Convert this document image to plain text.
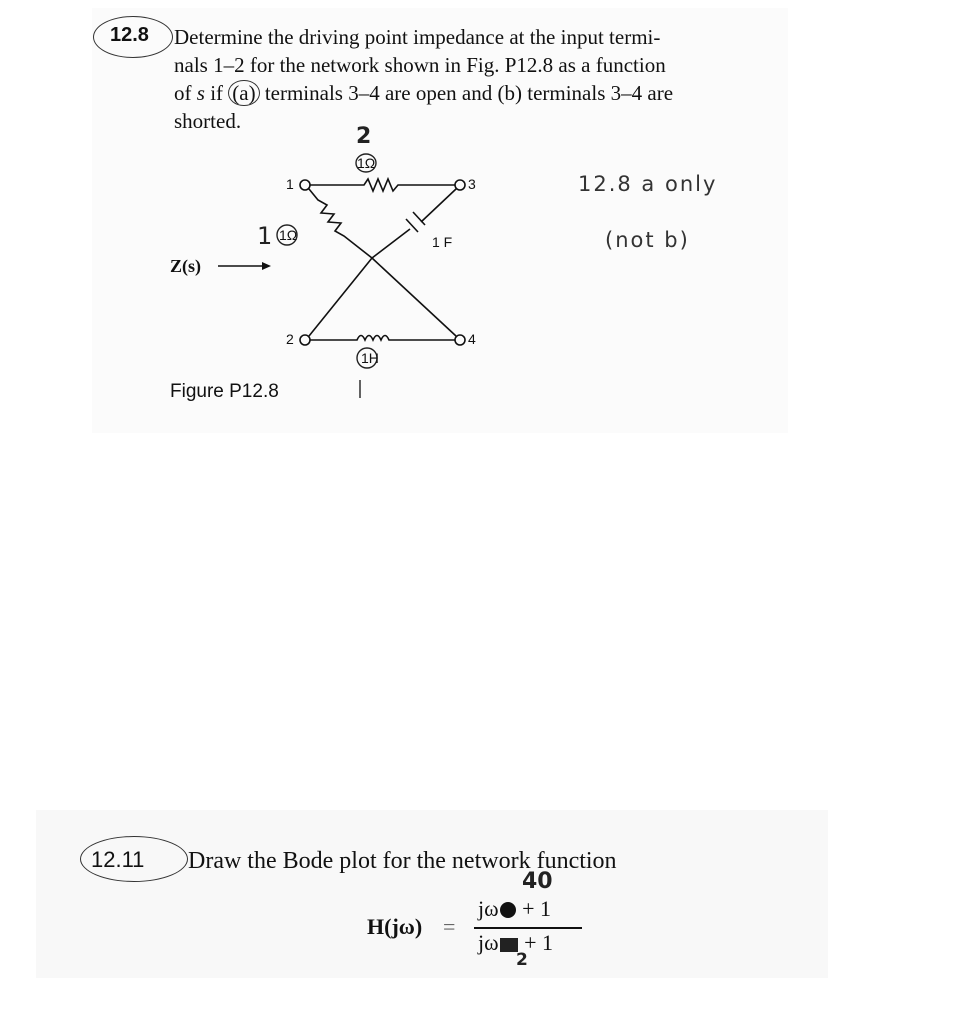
12.8 Determine the driving point impedance at the input termi-
nals 1–2 for the network shown in Fig. P12.8 as a function
of s if (a) terminals 3–4 are open and (b) terminals 3–4 are
shorted.
1
2
3
4
1Ω
1Ω	1 F
1H
Z(s)
Figure P12.8
2
1
12.8 a only
(not b)
12.11 Draw the Bode plot for the network function
40
H(jω) =
jω + 1
jω + 1
2
